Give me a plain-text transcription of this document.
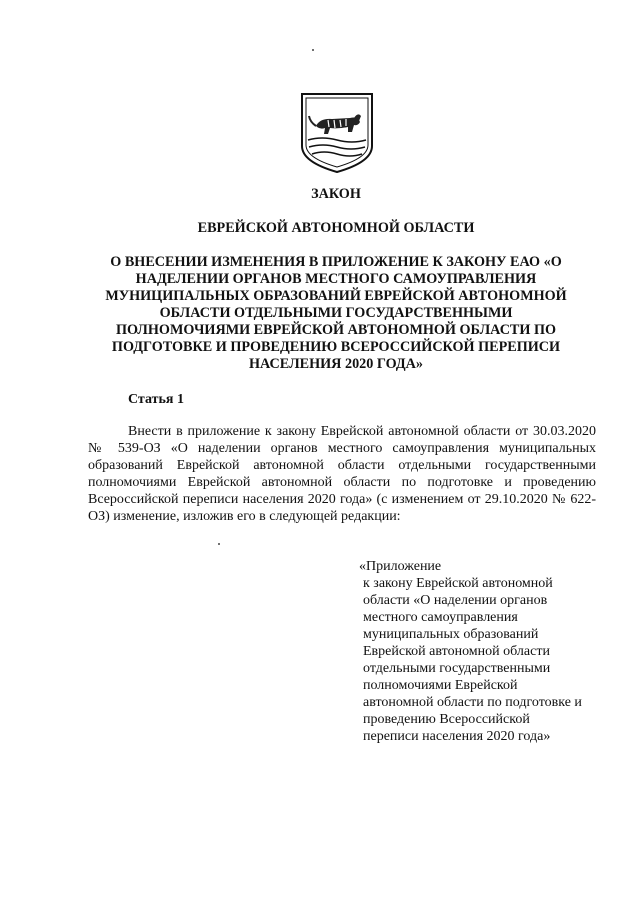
ЗАКОН
ЕВРЕЙСКОЙ АВТОНОМНОЙ ОБЛАСТИ
О ВНЕСЕНИИ ИЗМЕНЕНИЯ В ПРИЛОЖЕНИЕ К ЗАКОНУ ЕАО «О
НАДЕЛЕНИИ ОРГАНОВ МЕСТНОГО САМОУПРАВЛЕНИЯ
МУНИЦИПАЛЬНЫХ ОБРАЗОВАНИЙ ЕВРЕЙСКОЙ АВТОНОМНОЙ
ОБЛАСТИ ОТДЕЛЬНЫМИ ГОСУДАРСТВЕННЫМИ
ПОЛНОМОЧИЯМИ ЕВРЕЙСКОЙ АВТОНОМНОЙ ОБЛАСТИ ПО
ПОДГОТОВКЕ И ПРОВЕДЕНИЮ ВСЕРОССИЙСКОЙ ПЕРЕПИСИ
НАСЕЛЕНИЯ 2020 ГОДА»
Статья 1

Внести в приложение к закону Еврейской автономной области от 30.03.2020 № 539-ОЗ «О наделении органов местного самоуправления муниципальных образований Еврейской автономной области отдельными государственными полномочиями Еврейской автономной области по подготовке и проведению Всероссийской переписи населения 2020 года» (с изменением от 29.10.2020 № 622-ОЗ) изменение, изложив его в следующей редакции:

«Приложение
к закону Еврейской автономной
области «О наделении органов
местного самоуправления
муниципальных образований
Еврейской автономной области
отдельными государственными
полномочиями Еврейской
автономной области по подготовке и
проведению Всероссийской
переписи населения 2020 года»
